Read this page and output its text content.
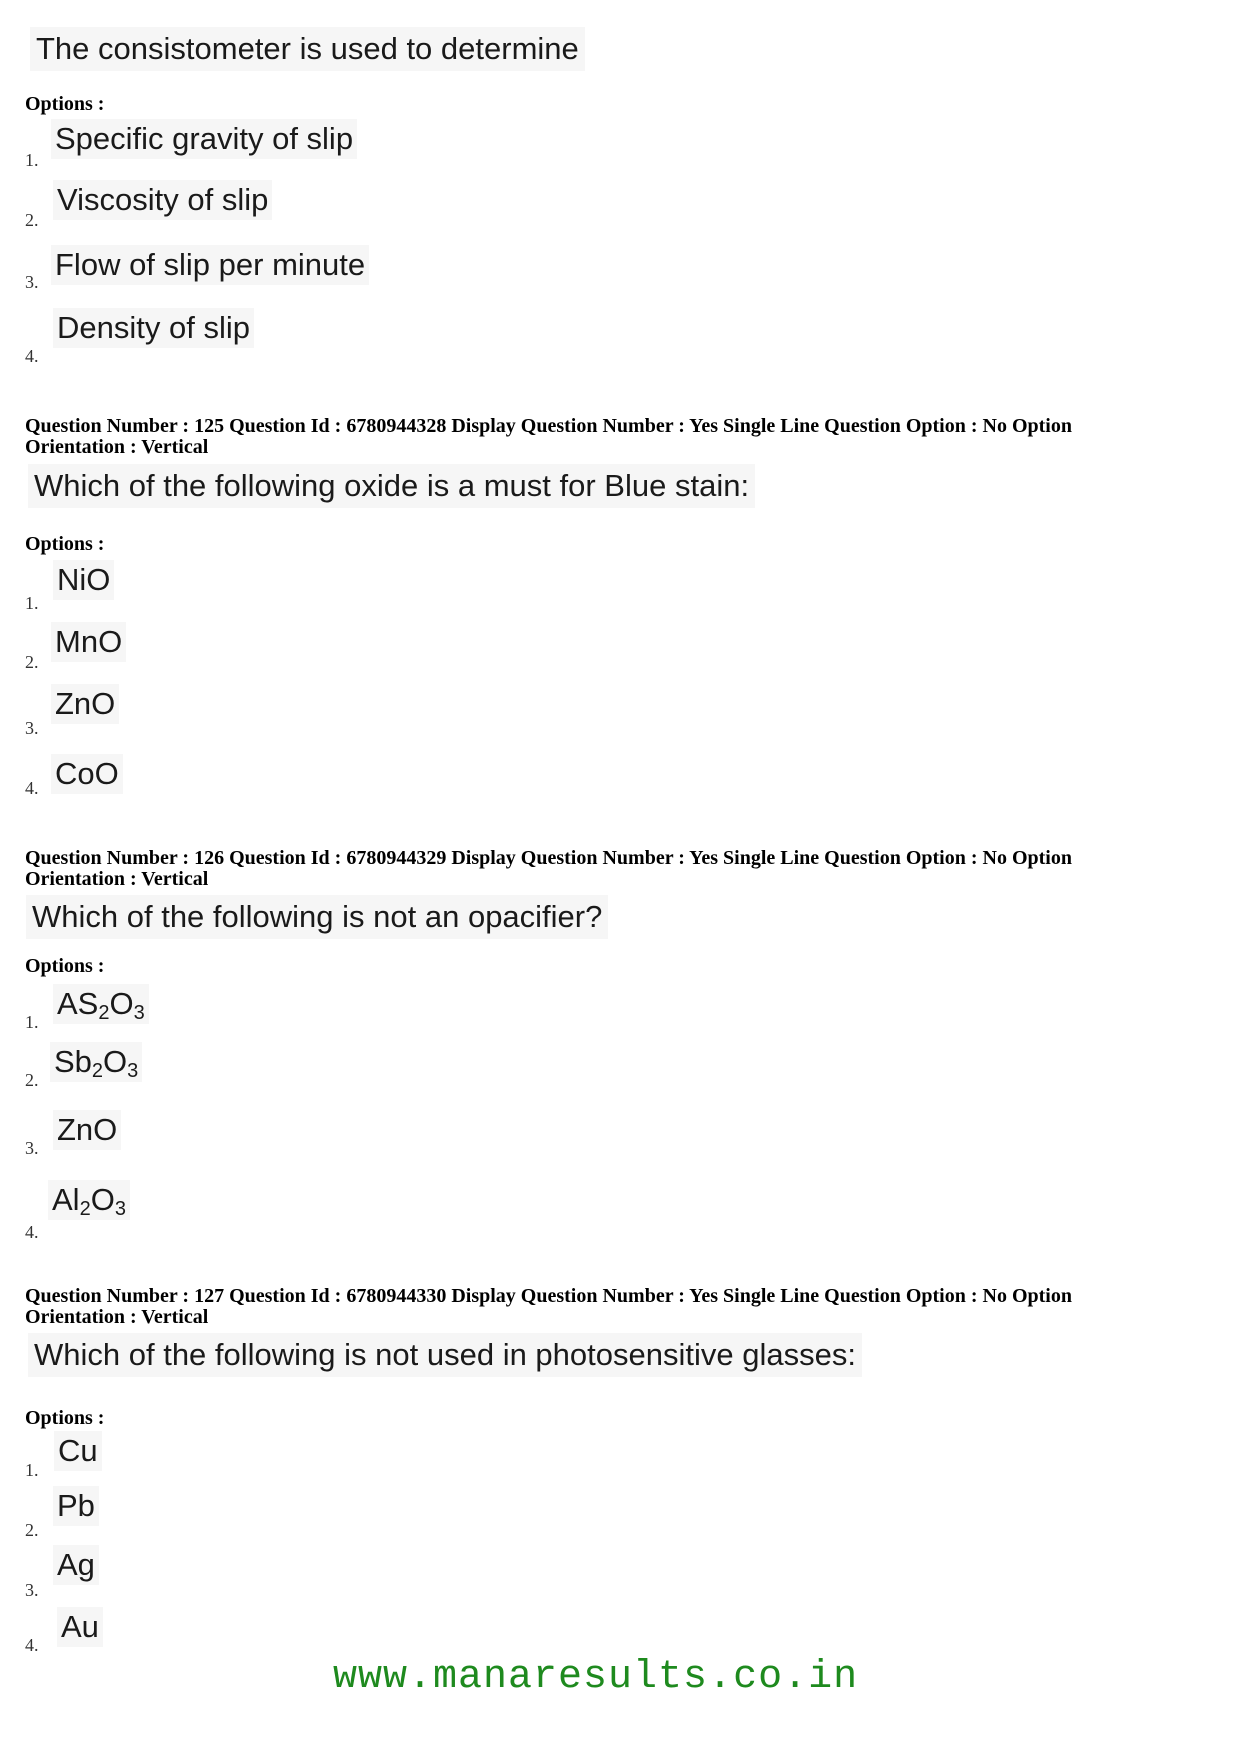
The consistometer is used to determine
Options :
1.
Specific gravity of slip
2.
Viscosity of slip
3. Flow of slip per minute
4.
Density of slip
Question Number : 125 Question Id : 6780944328 Display Question Number : Yes Single Line Question Option : No Option
Orientation : Vertical
Which of the following oxide is a must for Blue stain:
Options :
1.
NiO
2.
MnO
3.
ZnO
4. CoO
Question Number : 126 Question Id : 6780944329 Display Question Number : Yes Single Line Question Option : No Option
Orientation : Vertical
Which of the following is not an opacifier?
Options :
1.
$AS_2O_3$
2.
$Sb_2O_3$
3.
ZnO
4.
$Al_2O_3$
Question Number : 127 Question Id : 6780944330 Display Question Number : Yes Single Line Question Option : No Option
Orientation : Vertical
Which of the following is not used in photosensitive glasses:
Options :
1.
Cu
2.
Pb
3.
Ag
4.
Au
www.manaresults.co.in
